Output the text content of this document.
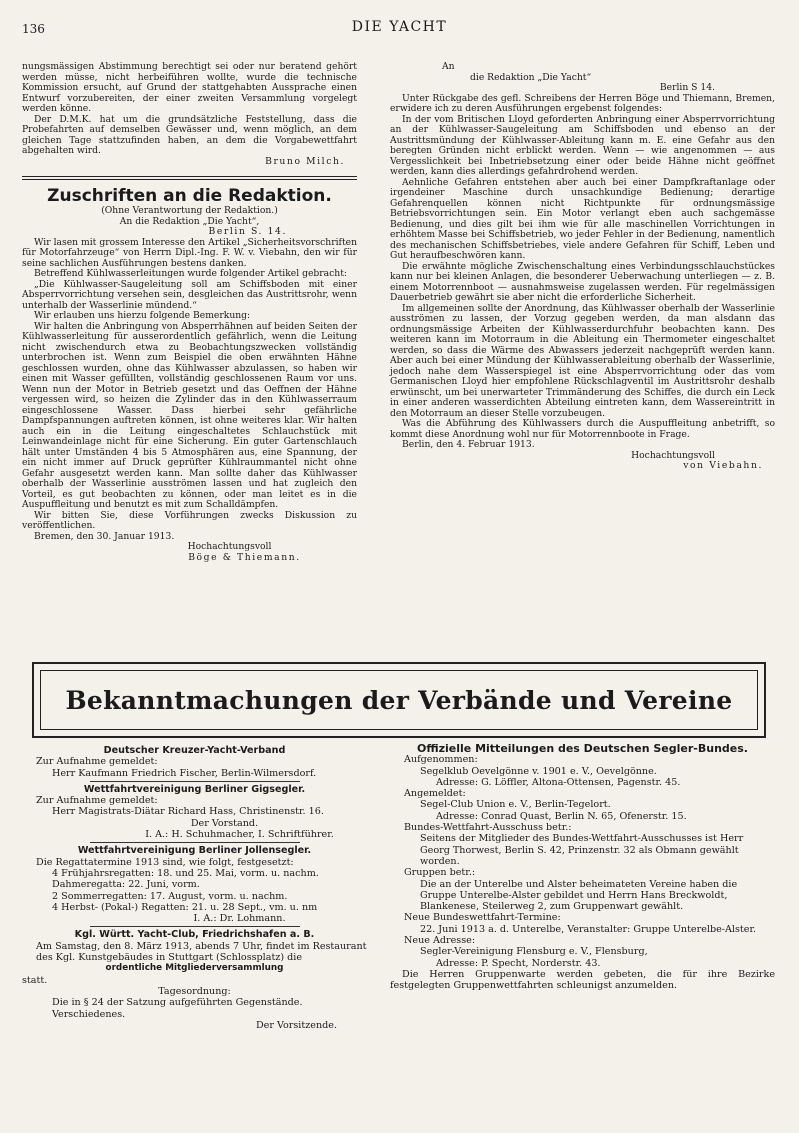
136	DIE YACHT

nungsmässigen Abstimmung berechtigt sei oder nur beratend gehört werden müsse, nicht herbeiführen wollte, wurde die technische Kommission ersucht, auf Grund der stattgehabten Aussprache einen Entwurf vorzubereiten, der einer zweiten Versammlung vorgelegt werden könne.

Der D.M.K. hat um die grundsätzliche Feststellung, dass die Probefahrten auf demselben Gewässer und, wenn möglich, an dem gleichen Tage stattzufinden haben, an dem die Vorgabewettfahrt abgehalten wird.

Bruno Milch.

Zuschriften an die Redaktion.

(Ohne Verantwortung der Redaktion.)

An die Redaktion „Die Yacht“,

Berlin S. 14.

Wir lasen mit grossem Interesse den Artikel „Sicherheitsvorschriften für Motorfahrzeuge“ von Herrn Dipl.-Ing. F. W. v. Viebahn, den wir für seine sachlichen Ausführungen bestens danken.

Betreffend Kühlwasserleitungen wurde folgender Artikel gebracht:

„Die Kühlwasser-Saugeleitung soll am Schiffsboden mit einer Absperrvorrichtung versehen sein, desgleichen das Austrittsrohr, wenn unterhalb der Wasserlinie mündend.“

Wir erlauben uns hierzu folgende Bemerkung:

Wir halten die Anbringung von Absperrhähnen auf beiden Seiten der Kühlwasserleitung für ausserordentlich gefährlich, wenn die Leitung nicht zwischendurch etwa zu Beobachtungszwecken vollständig unterbrochen ist. Wenn zum Beispiel die oben erwähnten Hähne geschlossen wurden, ohne das Kühlwasser abzulassen, so haben wir einen mit Wasser gefüllten, vollständig geschlossenen Raum vor uns. Wenn nun der Motor in Betrieb gesetzt und das Oeffnen der Hähne vergessen wird, so heizen die Zylinder das in den Kühlwasserraum eingeschlossene Wasser. Dass hierbei sehr gefährliche Dampfspannungen auftreten können, ist ohne weiteres klar. Wir halten auch ein in die Leitung eingeschaltetes Schlauchstück mit Leinwandeinlage nicht für eine Sicherung. Ein guter Gartenschlauch hält unter Umständen 4 bis 5 Atmosphären aus, eine Spannung, der ein nicht immer auf Druck geprüfter Kühlraummantel nicht ohne Gefahr ausgesetzt werden kann. Man sollte daher das Kühlwasser oberhalb der Wasserlinie ausströmen lassen und hat zugleich den Vorteil, es gut beobachten zu können, oder man leitet es in die Auspuffleitung und benutzt es mit zum Schalldämpfen.

Wir bitten Sie, diese Vorführungen zwecks Diskussion zu veröffentlichen.

Bremen, den 30. Januar 1913.

Hochachtungsvoll

Böge & Thiemann.

An

die Redaktion „Die Yacht“

Berlin S 14.

Unter Rückgabe des gefl. Schreibens der Herren Böge und Thiemann, Bremen, erwidere ich zu deren Ausführungen ergebenst folgendes:

In der vom Britischen Lloyd geforderten Anbringung einer Absperrvorrichtung an der Kühlwasser-Saugeleitung am Schiffsboden und ebenso an der Austrittsmündung der Kühlwasser-Ableitung kann m. E. eine Gefahr aus den beregten Gründen nicht erblickt werden. Wenn — wie angenommen — aus Vergesslichkeit bei Inbetriebsetzung einer oder beide Hähne nicht geöffnet werden, kann dies allerdings gefahrdrohend werden.

Aehnliche Gefahren entstehen aber auch bei einer Dampfkraftanlage oder irgendeiner Maschine durch unsachkundige Bedienung; derartige Gefahrenquellen können nicht Richtpunkte für ordnungsmässige Betriebsvorrichtungen sein. Ein Motor verlangt eben auch sachgemässe Bedienung, und dies gilt bei ihm wie für alle maschinellen Vorrichtungen in erhöhtem Masse bei Schiffsbetrieb, wo jeder Fehler in der Bedienung, namentlich des mechanischen Schiffsbetriebes, viele andere Gefahren für Schiff, Leben und Gut heraufbeschwören kann.

Die erwähnte mögliche Zwischenschaltung eines Verbindungsschlauchstückes kann nur bei kleinen Anlagen, die besonderer Ueberwachung unterliegen — z. B. einem Motorrennboot — ausnahmsweise zugelassen werden. Für regelmässigen Dauerbetrieb gewährt sie aber nicht die erforderliche Sicherheit.

Im allgemeinen sollte der Anordnung, das Kühlwasser oberhalb der Wasserlinie ausströmen zu lassen, der Vorzug gegeben werden, da man alsdann das ordnungsmässige Arbeiten der Kühlwasserdurchfuhr beobachten kann. Des weiteren kann im Motorraum in die Ableitung ein Thermometer eingeschaltet werden, so dass die Wärme des Abwassers jederzeit nachgeprüft werden kann. Aber auch bei einer Mündung der Kühlwasserableitung oberhalb der Wasserlinie, jedoch nahe dem Wasserspiegel ist eine Absperrvorrichtung oder das vom Germanischen Lloyd hier empfohlene Rückschlagventil im Austrittsrohr deshalb erwünscht, um bei unerwarteter Trimmänderung des Schiffes, die durch ein Leck in einer anderen wasserdichten Abteilung eintreten kann, dem Wassereintritt in den Motorraum an dieser Stelle vorzubeugen.

Was die Abführung des Kühlwassers durch die Auspuffleitung anbetrifft, so kommt diese Anordnung wohl nur für Motorrennboote in Frage.

Berlin, den 4. Februar 1913.

Hochachtungsvoll

von Viebahn.

Bekanntmachungen der Verbände und Vereine

Deutscher Kreuzer-Yacht-Verband

Zur Aufnahme gemeldet:

Herr Kaufmann Friedrich Fischer, Berlin-Wilmersdorf.

Wettfahrtvereinigung Berliner Gigsegler.

Zur Aufnahme gemeldet:

Herr Magistrats-Diätar Richard Hass, Christinenstr. 16.

Der Vorstand.

I. A.: H. Schuhmacher, I. Schriftführer.

Wettfahrtvereinigung Berliner Jollensegler.

Die Regattatermine 1913 sind, wie folgt, festgesetzt:

4 Frühjahrsregatten: 18. und 25. Mai, vorm. u. nachm.

Dahmeregatta: 22. Juni, vorm.

2 Sommerregatten: 17. August, vorm. u. nachm.

4 Herbst- (Pokal-) Regatten: 21. u. 28 Sept., vm. u. nm

I. A.: Dr. Lohmann.

Kgl. Württ. Yacht-Club, Friedrichshafen a. B.

Am Samstag, den 8. März 1913, abends 7 Uhr, findet im Restaurant des Kgl. Kunstgebäudes in Stuttgart (Schlossplatz) die

ordentliche Mitgliederversammlung

statt.

Tagesordnung:

Die in § 24 der Satzung aufgeführten Gegenstände.

Verschiedenes.

Der Vorsitzende.

Offizielle Mitteilungen des Deutschen Segler-Bundes.

Aufgenommen:

Segelklub Oevelgönne v. 1901 e. V., Oevelgönne.

Adresse: G. Löffler, Altona-Ottensen, Pagenstr. 45.

Angemeldet:

Segel-Club Union e. V., Berlin-Tegelort.

Adresse: Conrad Quast, Berlin N. 65, Ofenerstr. 15.

Bundes-Wettfahrt-Ausschuss betr.:

Seitens der Mitglieder des Bundes-Wettfahrt-Ausschusses ist Herr Georg Thorwest, Berlin S. 42, Prinzenstr. 32 als Obmann gewählt worden.

Gruppen betr.:

Die an der Unterelbe und Alster beheimateten Vereine haben die Gruppe Unterelbe-Alster gebildet und Herrn Hans Breckwoldt, Blankenese, Steilerweg 2, zum Gruppenwart gewählt.

Neue Bundeswettfahrt-Termine:

22. Juni 1913 a. d. Unterelbe, Veranstalter: Gruppe Unterelbe-Alster.

Neue Adresse:

Segler-Vereinigung Flensburg e. V., Flensburg,

Adresse: P. Specht, Norderstr. 43.

Die Herren Gruppenwarte werden gebeten, die für ihre Bezirke festgelegten Gruppenwettfahrten schleunigst anzumelden.
